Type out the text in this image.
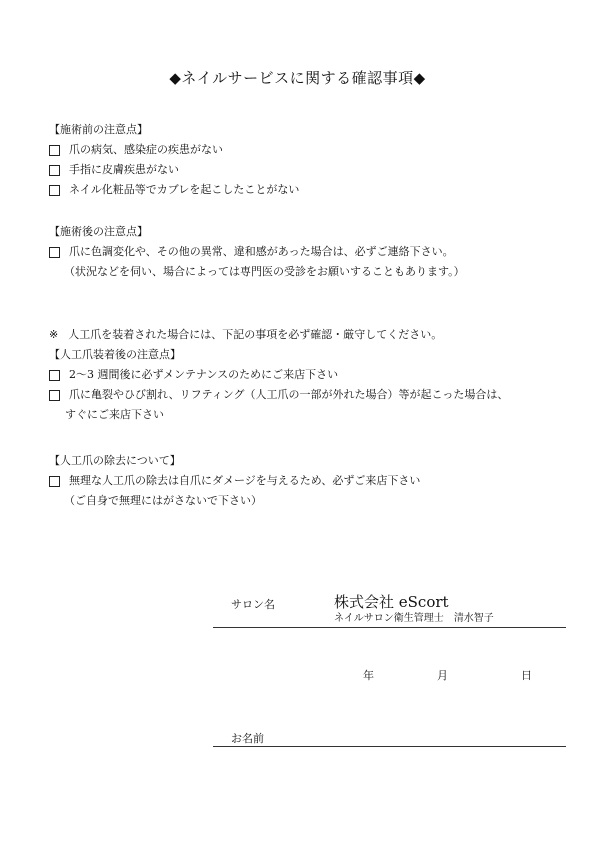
◆ネイルサービスに関する確認事項◆
【施術前の注意点】
爪の病気、感染症の疾患がない
手指に皮膚疾患がない
ネイル化粧品等でカブレを起こしたことがない
【施術後の注意点】
爪に色調変化や、その他の異常、違和感があった場合は、必ずご連絡下さい。
（状況などを伺い、場合によっては専門医の受診をお願いすることもあります。）
※ 人工爪を装着された場合には、下記の事項を必ず確認・厳守してください。
【人工爪装着後の注意点】
2～3 週間後に必ずメンテナンスのためにご来店下さい
爪に亀裂やひび割れ、リフティング（人工爪の一部が外れた場合）等が起こった場合は、
すぐにご来店下さい
【人工爪の除去について】
無理な人工爪の除去は自爪にダメージを与えるため、必ずご来店下さい
（ご自身で無理にはがさないで下さい）
サロン名	株式会社 eScort
ネイルサロン衛生管理士 清水智子
年	月	日
お名前
